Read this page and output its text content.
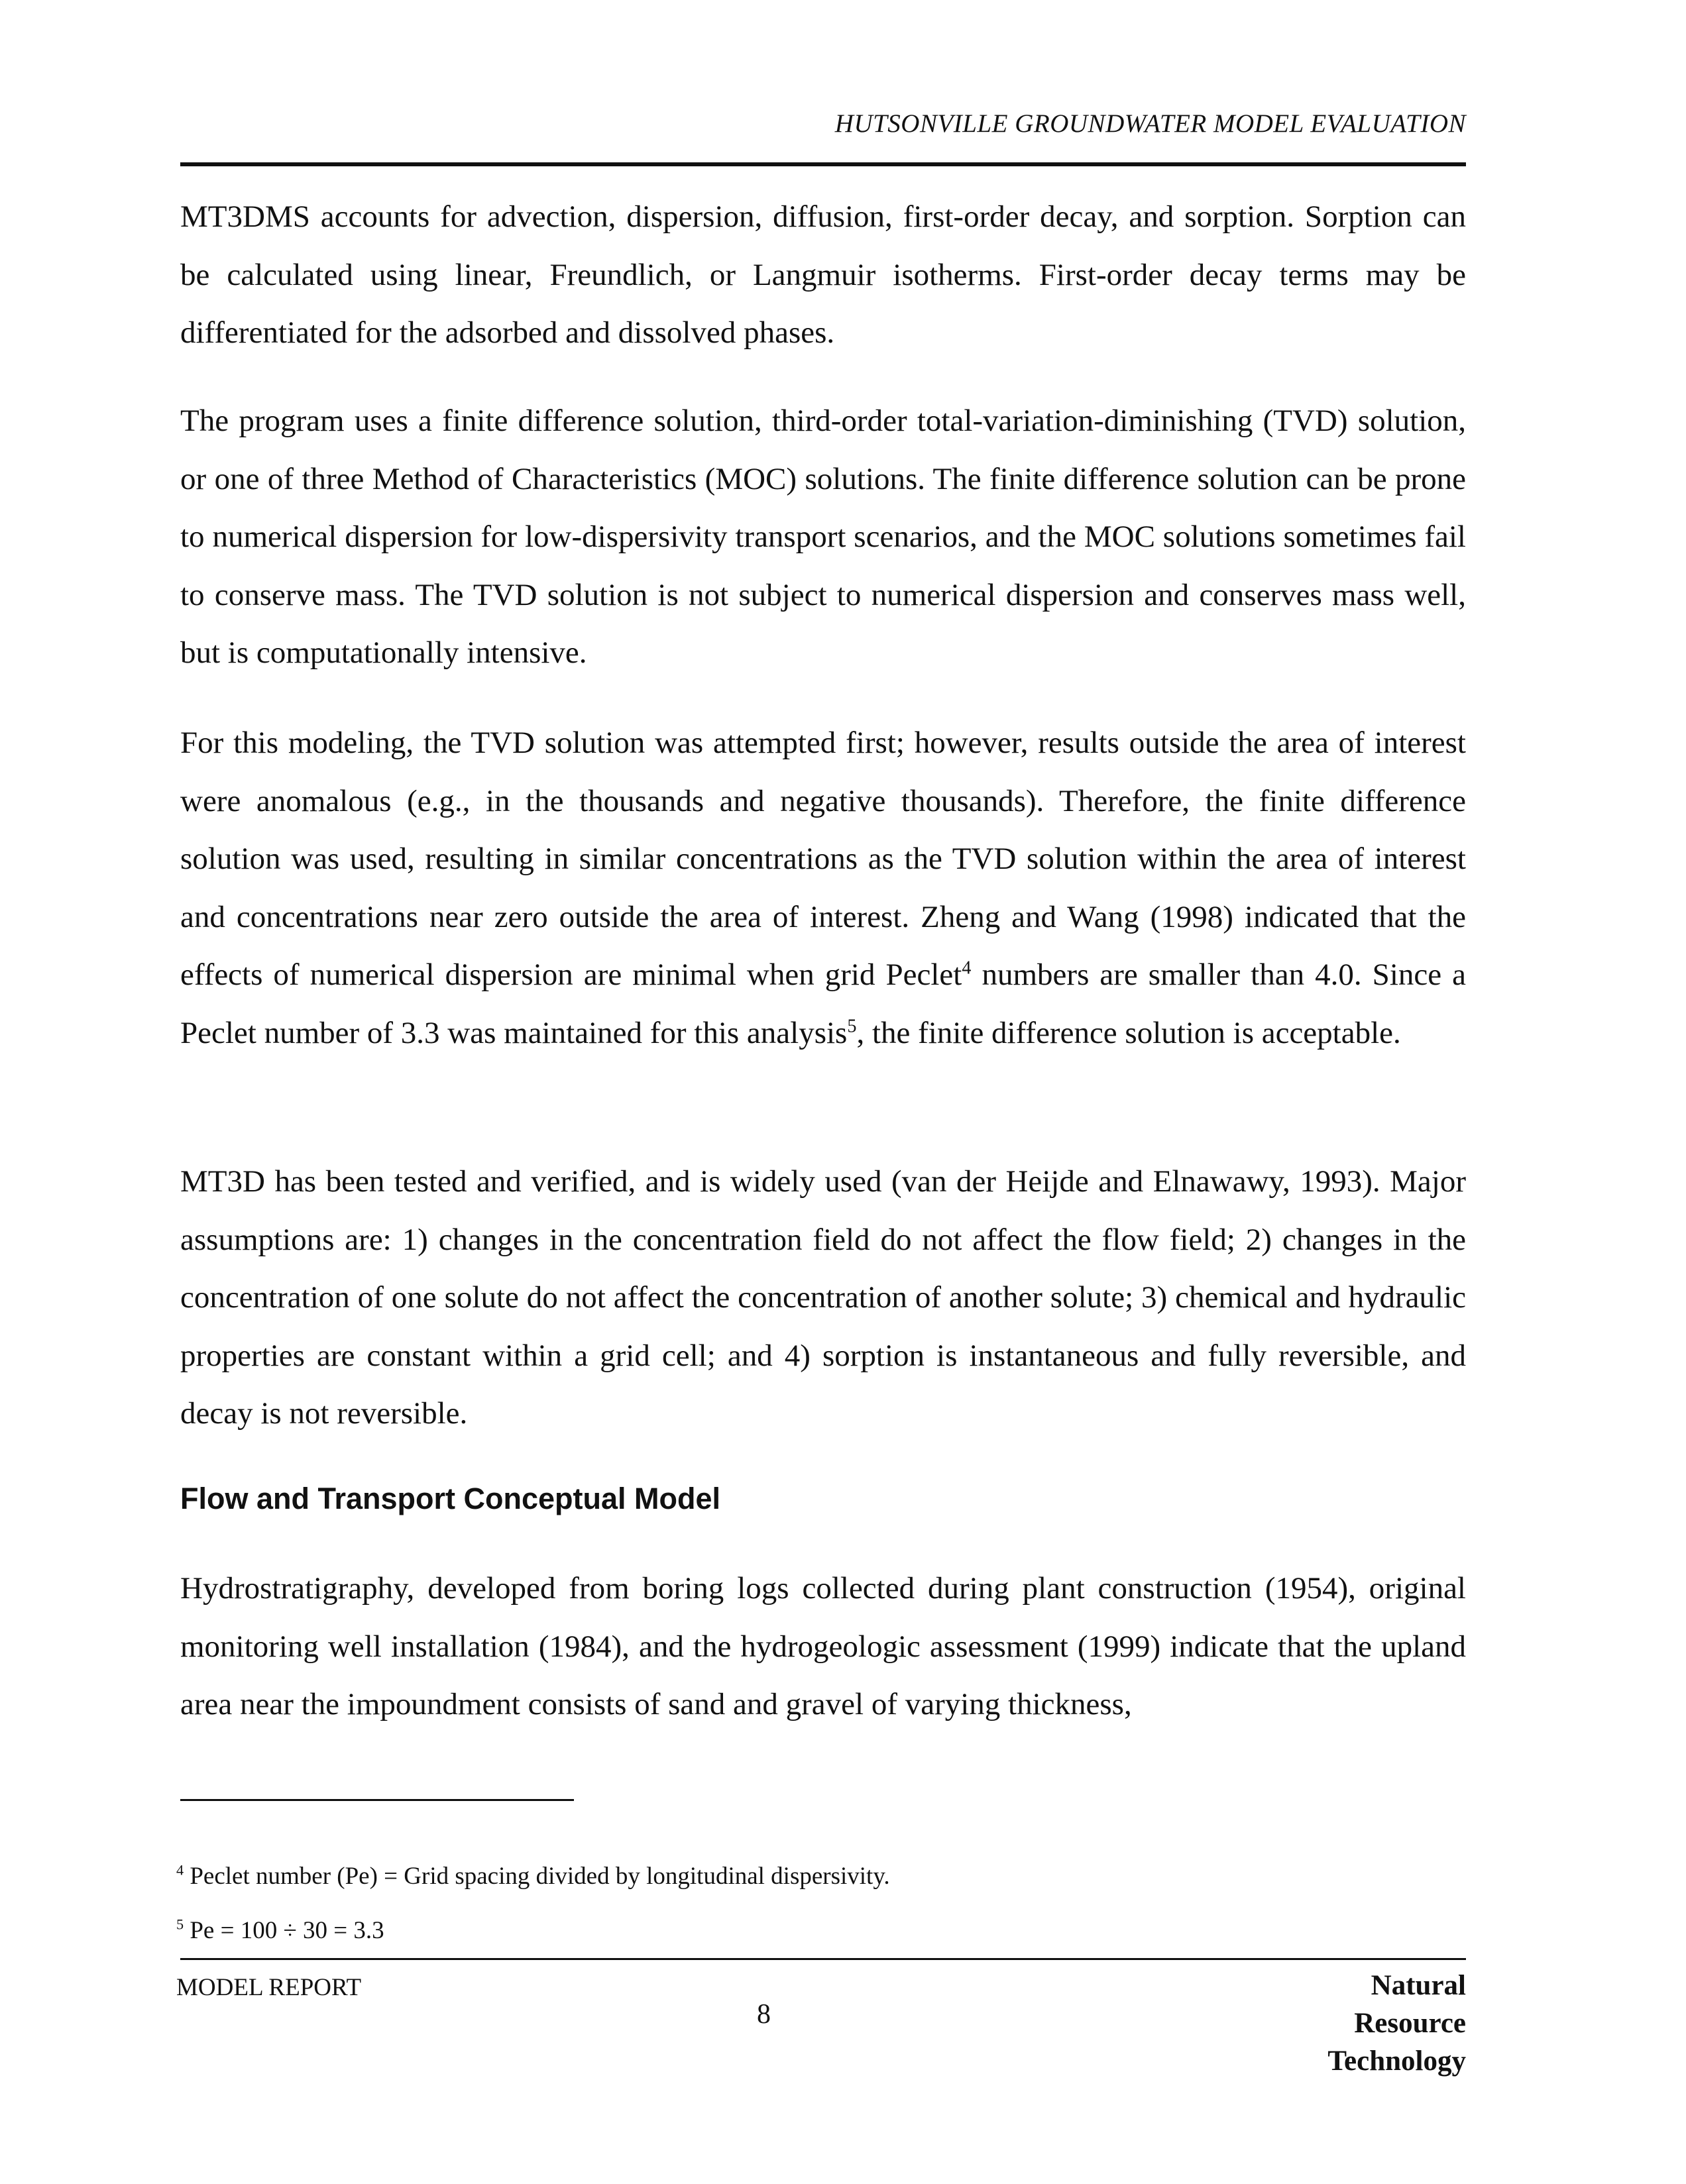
HUTSONVILLE GROUNDWATER MODEL EVALUATION

MT3DMS accounts for advection, dispersion, diffusion, first-order decay, and sorption. Sorption can be calculated using linear, Freundlich, or Langmuir isotherms. First-order decay terms may be differentiated for the adsorbed and dissolved phases.

The program uses a finite difference solution, third-order total-variation-diminishing (TVD) solution, or one of three Method of Characteristics (MOC) solutions. The finite difference solution can be prone to numerical dispersion for low-dispersivity transport scenarios, and the MOC solutions sometimes fail to conserve mass. The TVD solution is not subject to numerical dispersion and conserves mass well, but is computationally intensive.

For this modeling, the TVD solution was attempted first; however, results outside the area of interest were anomalous (e.g., in the thousands and negative thousands). Therefore, the finite difference solution was used, resulting in similar concentrations as the TVD solution within the area of interest and concentrations near zero outside the area of interest. Zheng and Wang (1998) indicated that the effects of numerical dispersion are minimal when grid Peclet$^4$ numbers are smaller than 4.0. Since a Peclet number of 3.3 was maintained for this analysis$^5$, the finite difference solution is acceptable.

MT3D has been tested and verified, and is widely used (van der Heijde and Elnawawy, 1993). Major assumptions are: 1) changes in the concentration field do not affect the flow field; 2) changes in the concentration of one solute do not affect the concentration of another solute; 3) chemical and hydraulic properties are constant within a grid cell; and 4) sorption is instantaneous and fully reversible, and decay is not reversible.

Flow and Transport Conceptual Model

Hydrostratigraphy, developed from boring logs collected during plant construction (1954), original monitoring well installation (1984), and the hydrogeologic assessment (1999) indicate that the upland area near the impoundment consists of sand and gravel of varying thickness,

$^4$ Peclet number (Pe) = Grid spacing divided by longitudinal dispersivity.
$^5$ Pe = 100 ÷ 30 = 3.3
MODEL REPORT
8
Natural
Resource
Technology
